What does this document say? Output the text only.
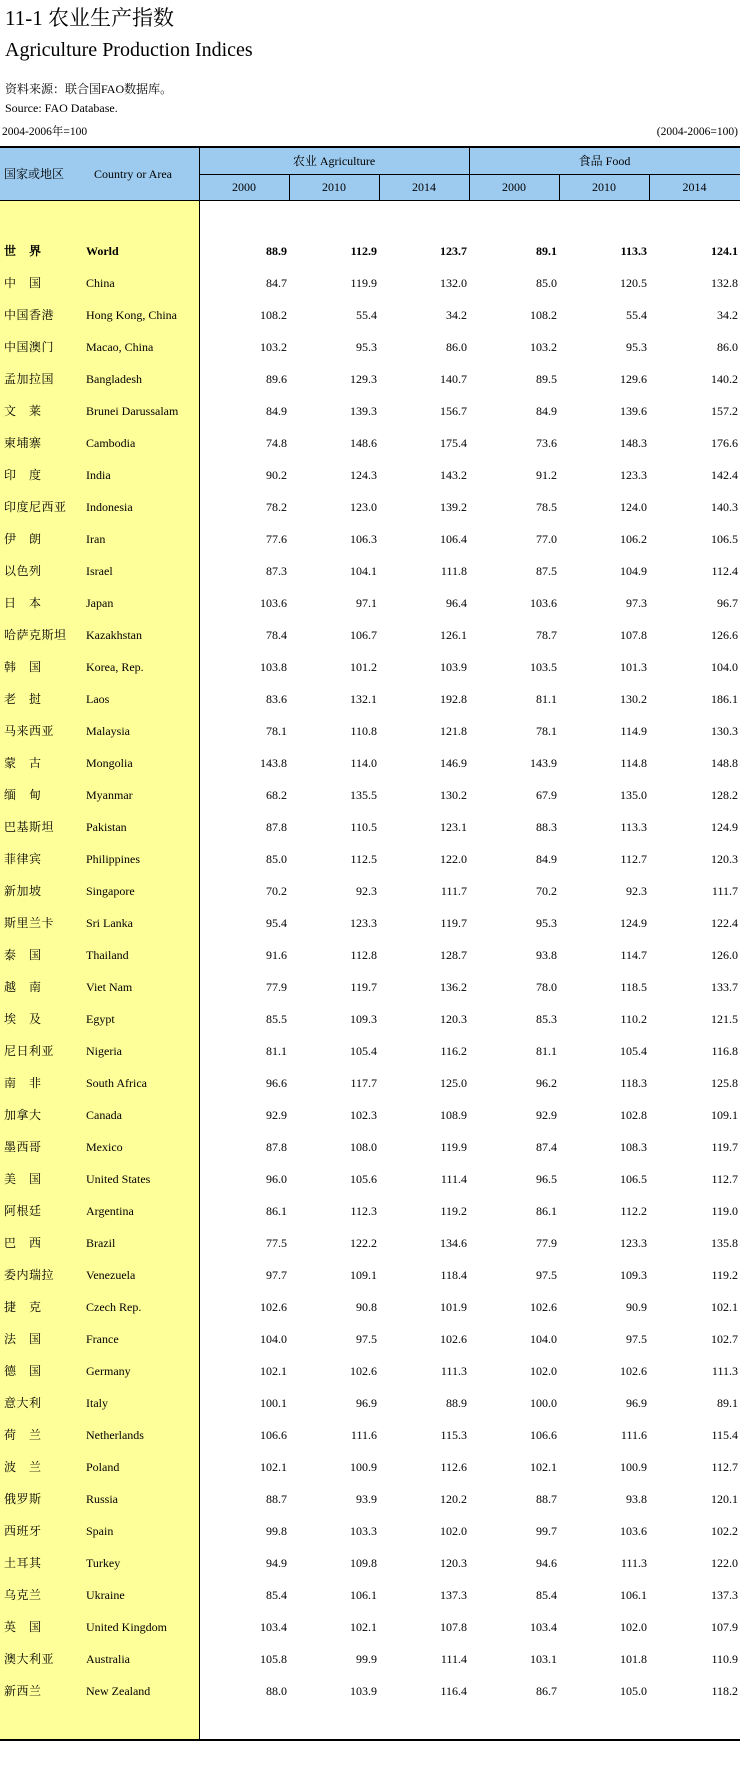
11-1 农业生产指数
Agriculture Production Indices
资料来源：联合国FAO数据库。
Source: FAO Database.
2004-2006年=100	(2004-2006=100)
国家或地区 Country or Area
农业 Agriculture	食品 Food
2000	2010	2014	2000	2010	2014
世　界	World	88.9	112.9	123.7	89.1	113.3	124.1
中　国	China	84.7	119.9	132.0	85.0	120.5	132.8
中国香港	Hong Kong, China	108.2	55.4	34.2	108.2	55.4	34.2
中国澳门	Macao, China	103.2	95.3	86.0	103.2	95.3	86.0
孟加拉国	Bangladesh	89.6	129.3	140.7	89.5	129.6	140.2
文　莱	Brunei Darussalam	84.9	139.3	156.7	84.9	139.6	157.2
柬埔寨	Cambodia	74.8	148.6	175.4	73.6	148.3	176.6
印　度	India	90.2	124.3	143.2	91.2	123.3	142.4
印度尼西亚	Indonesia	78.2	123.0	139.2	78.5	124.0	140.3
伊　朗	Iran	77.6	106.3	106.4	77.0	106.2	106.5
以色列	Israel	87.3	104.1	111.8	87.5	104.9	112.4
日　本	Japan	103.6	97.1	96.4	103.6	97.3	96.7
哈萨克斯坦	Kazakhstan	78.4	106.7	126.1	78.7	107.8	126.6
韩　国	Korea, Rep.	103.8	101.2	103.9	103.5	101.3	104.0
老　挝	Laos	83.6	132.1	192.8	81.1	130.2	186.1
马来西亚	Malaysia	78.1	110.8	121.8	78.1	114.9	130.3
蒙　古	Mongolia	143.8	114.0	146.9	143.9	114.8	148.8
缅　甸	Myanmar	68.2	135.5	130.2	67.9	135.0	128.2
巴基斯坦	Pakistan	87.8	110.5	123.1	88.3	113.3	124.9
菲律宾	Philippines	85.0	112.5	122.0	84.9	112.7	120.3
新加坡	Singapore	70.2	92.3	111.7	70.2	92.3	111.7
斯里兰卡	Sri Lanka	95.4	123.3	119.7	95.3	124.9	122.4
泰　国	Thailand	91.6	112.8	128.7	93.8	114.7	126.0
越　南	Viet Nam	77.9	119.7	136.2	78.0	118.5	133.7
埃　及	Egypt	85.5	109.3	120.3	85.3	110.2	121.5
尼日利亚	Nigeria	81.1	105.4	116.2	81.1	105.4	116.8
南　非	South Africa	96.6	117.7	125.0	96.2	118.3	125.8
加拿大	Canada	92.9	102.3	108.9	92.9	102.8	109.1
墨西哥	Mexico	87.8	108.0	119.9	87.4	108.3	119.7
美　国	United States	96.0	105.6	111.4	96.5	106.5	112.7
阿根廷	Argentina	86.1	112.3	119.2	86.1	112.2	119.0
巴　西	Brazil	77.5	122.2	134.6	77.9	123.3	135.8
委内瑞拉	Venezuela	97.7	109.1	118.4	97.5	109.3	119.2
捷　克	Czech Rep.	102.6	90.8	101.9	102.6	90.9	102.1
法　国	France	104.0	97.5	102.6	104.0	97.5	102.7
德　国	Germany	102.1	102.6	111.3	102.0	102.6	111.3
意大利	Italy	100.1	96.9	88.9	100.0	96.9	89.1
荷　兰	Netherlands	106.6	111.6	115.3	106.6	111.6	115.4
波　兰	Poland	102.1	100.9	112.6	102.1	100.9	112.7
俄罗斯	Russia	88.7	93.9	120.2	88.7	93.8	120.1
西班牙	Spain	99.8	103.3	102.0	99.7	103.6	102.2
土耳其	Turkey	94.9	109.8	120.3	94.6	111.3	122.0
乌克兰	Ukraine	85.4	106.1	137.3	85.4	106.1	137.3
英　国	United Kingdom	103.4	102.1	107.8	103.4	102.0	107.9
澳大利亚	Australia	105.8	99.9	111.4	103.1	101.8	110.9
新西兰	New Zealand	88.0	103.9	116.4	86.7	105.0	118.2
